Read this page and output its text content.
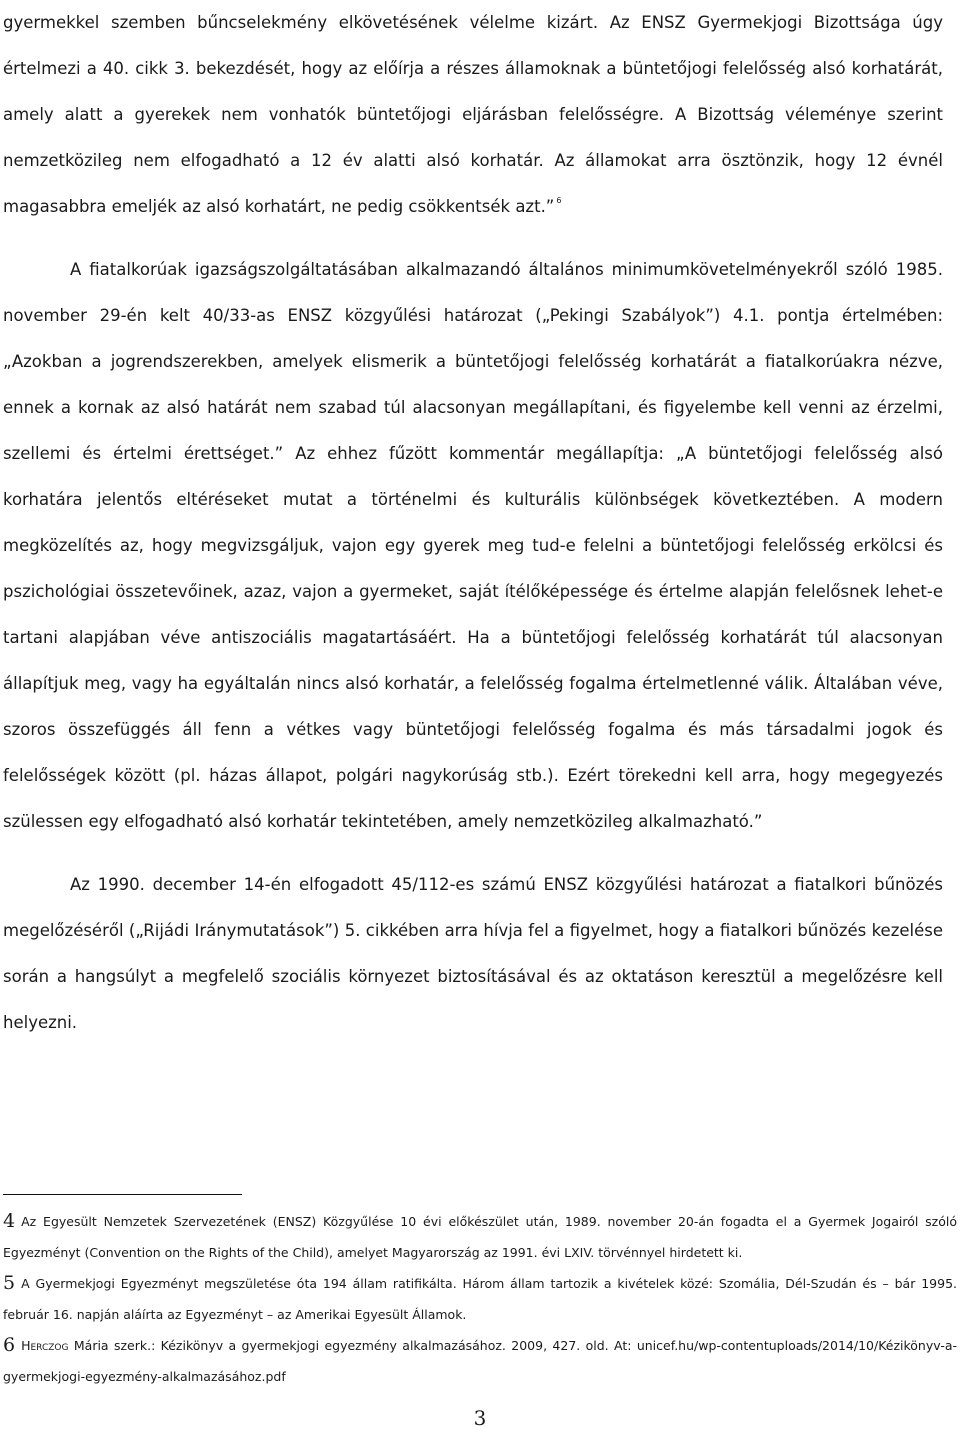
gyermekkel szemben bűncselekmény elkövetésének vélelme kizárt. Az ENSZ Gyermekjogi Bizottsága úgy értelmezi a 40. cikk 3. bekezdését, hogy az előírja a részes államoknak a büntetőjogi felelősség alsó korhatárát, amely alatt a gyerekek nem vonhatók büntetőjogi eljárásban felelősségre. A Bizottság véleménye szerint nemzetközileg nem elfogadható a 12 év alatti alsó korhatár. Az államokat arra ösztönzik, hogy 12 évnél magasabbra emeljék az alsó korhatárt, ne pedig csökkentsék azt.” $^6$

A fiatalkorúak igazságszolgáltatásában alkalmazandó általános minimumkövetelményekről szóló 1985. november 29-én kelt 40/33-as ENSZ közgyűlési határozat („Pekingi Szabályok”) 4.1. pontja értelmében: „Azokban a jogrendszerekben, amelyek elismerik a büntetőjogi felelősség korhatárát a fiatalkorúakra nézve, ennek a kornak az alsó határát nem szabad túl alacsonyan megállapítani, és figyelembe kell venni az érzelmi, szellemi és értelmi érettséget.” Az ehhez fűzött kommentár megállapítja: „A büntetőjogi felelősség alsó korhatára jelentős eltéréseket mutat a történelmi és kulturális különbségek következtében. A modern megközelítés az, hogy megvizsgáljuk, vajon egy gyerek meg tud-e felelni a büntetőjogi felelősség erkölcsi és pszichológiai összetevőinek, azaz, vajon a gyermeket, saját ítélőképessége és értelme alapján felelősnek lehet-e tartani alapjában véve antiszociális magatartásáért. Ha a büntetőjogi felelősség korhatárát túl alacsonyan állapítjuk meg, vagy ha egyáltalán nincs alsó korhatár, a felelősség fogalma értelmetlenné válik. Általában véve, szoros összefüggés áll fenn a vétkes vagy büntetőjogi felelősség fogalma és más társadalmi jogok és felelősségek között (pl. házas állapot, polgári nagykorúság stb.). Ezért törekedni kell arra, hogy megegyezés szülessen egy elfogadható alsó korhatár tekintetében, amely nemzetközileg alkalmazható.”

Az 1990. december 14-én elfogadott 45/112-es számú ENSZ közgyűlési határozat a fiatalkori bűnözés megelőzéséről („Rijádi Iránymutatások”) 5. cikkében arra hívja fel a figyelmet, hogy a fiatalkori bűnözés kezelése során a hangsúlyt a megfelelő szociális környezet biztosításával és az oktatáson keresztül a megelőzésre kell helyezni.

4 Az Egyesült Nemzetek Szervezetének (ENSZ) Közgyűlése 10 évi előkészület után, 1989. november 20-án fogadta el a Gyermek Jogairól szóló Egyezményt (Convention on the Rights of the Child), amelyet Magyarország az 1991. évi LXIV. törvénnyel hirdetett ki.

5 A Gyermekjogi Egyezményt megszületése óta 194 állam ratifikálta. Három állam tartozik a kivételek közé: Szomália, Dél-Szudán és – bár 1995. február 16. napján aláírta az Egyezményt – az Amerikai Egyesült Államok.

6 Herczog Mária szerk.: Kézikönyv a gyermekjogi egyezmény alkalmazásához. 2009, 427. old. At: unicef.hu/wp-contentuploads/2014/10/Kézikönyv-a-gyermekjogi-egyezmény-alkalmazásához.pdf

3
